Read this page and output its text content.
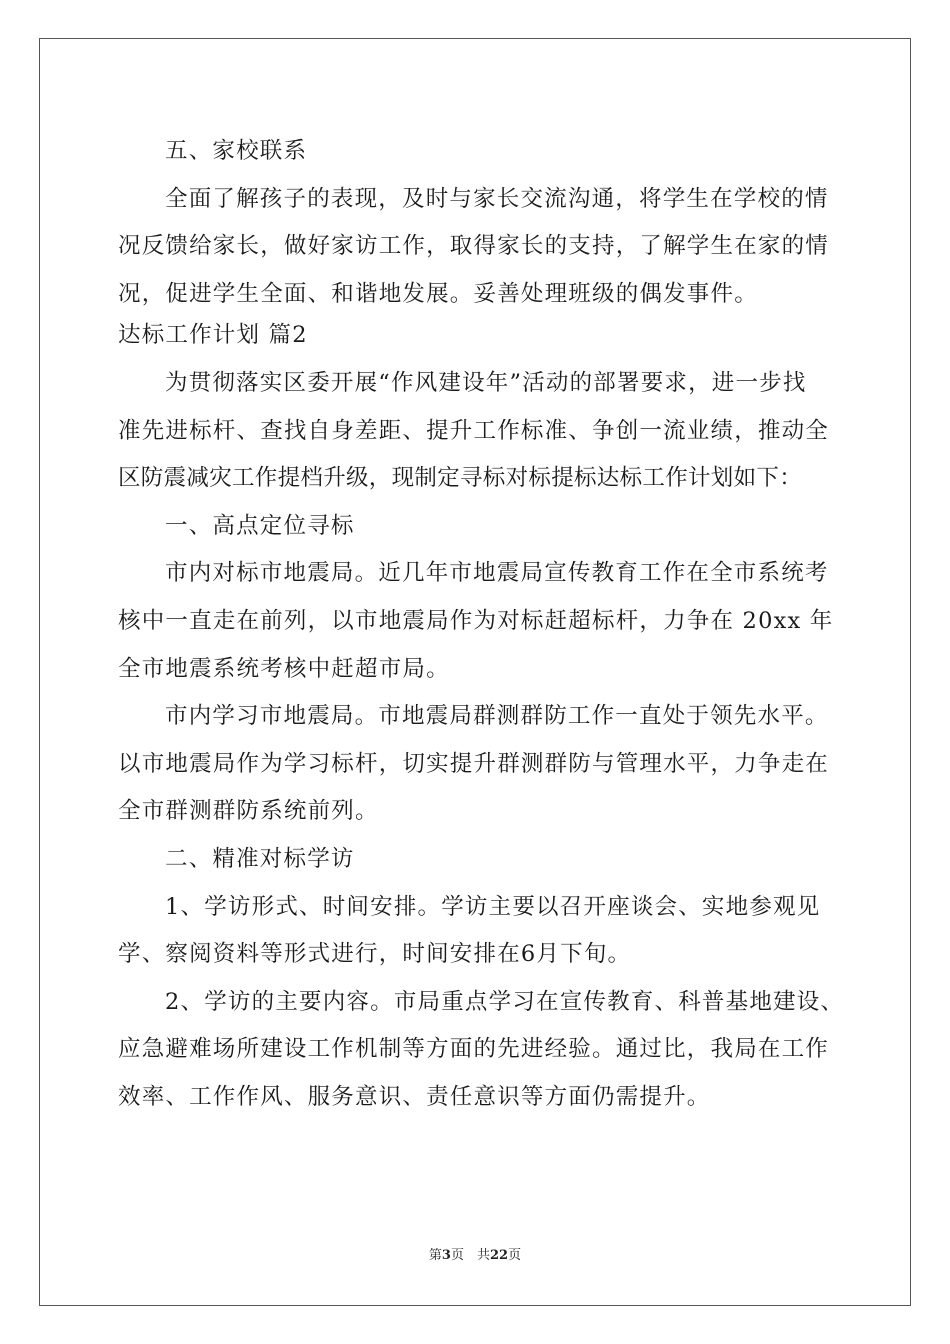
五、家校联系
全面了解孩子的表现，及时与家长交流沟通，将学生在学校的情
况反馈给家长，做好家访工作，取得家长的支持，了解学生在家的情
况，促进学生全面、和谐地发展。妥善处理班级的偶发事件。
达标工作计划 篇2
为贯彻落实区委开展“作风建设年”活动的部署要求，进一步找
准先进标杆、查找自身差距、提升工作标准、争创一流业绩，推动全
区防震减灾工作提档升级，现制定寻标对标提标达标工作计划如下：
一、高点定位寻标
市内对标市地震局。近几年市地震局宣传教育工作在全市系统考
核中一直走在前列，以市地震局作为对标赶超标杆，力争在 20xx 年
全市地震系统考核中赶超市局。
市内学习市地震局。市地震局群测群防工作一直处于领先水平。
以市地震局作为学习标杆，切实提升群测群防与管理水平，力争走在
全市群测群防系统前列。
二、精准对标学访
1、学访形式、时间安排。学访主要以召开座谈会、实地参观见
学、察阅资料等形式进行，时间安排在6月下旬。
2、学访的主要内容。市局重点学习在宣传教育、科普基地建设、
应急避难场所建设工作机制等方面的先进经验。通过比，我局在工作
效率、工作作风、服务意识、责任意识等方面仍需提升。
第3页　共22页
